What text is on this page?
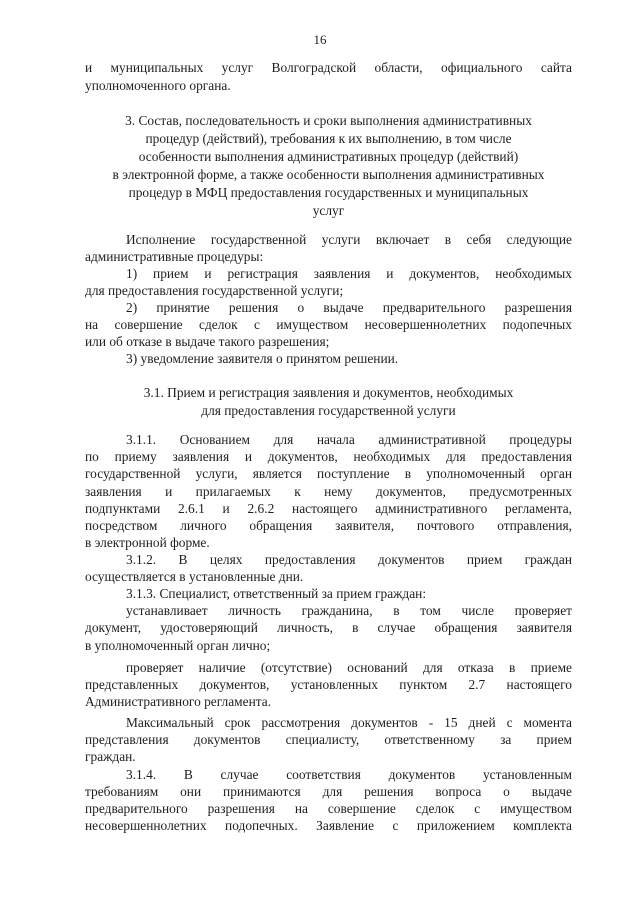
16
и муниципальных услуг Волгоградской области, официального сайта
уполномоченного органа.
3. Состав, последовательность и сроки выполнения административных
процедур (действий), требования к их выполнению, в том числе
особенности выполнения административных процедур (действий)
в электронной форме, а также особенности выполнения административных
процедур в МФЦ предоставления государственных и муниципальных
услуг
Исполнение государственной услуги включает в себя следующие
административные процедуры:
1) прием и регистрация заявления и документов, необходимых
для предоставления государственной услуги;
2) принятие решения о выдаче предварительного разрешения
на совершение сделок с имуществом несовершеннолетних подопечных
или об отказе в выдаче такого разрешения;
3) уведомление заявителя о принятом решении.
3.1. Прием и регистрация заявления и документов, необходимых
для предоставления государственной услуги
3.1.1. Основанием для начала административной процедуры
по приему заявления и документов, необходимых для предоставления
государственной услуги, является поступление в уполномоченный орган
заявления и прилагаемых к нему документов, предусмотренных
подпунктами 2.6.1 и 2.6.2 настоящего административного регламента,
посредством личного обращения заявителя, почтового отправления,
в электронной форме.
3.1.2. В целях предоставления документов прием граждан
осуществляется в установленные дни.
3.1.3. Специалист, ответственный за прием граждан:
устанавливает личность гражданина, в том числе проверяет
документ, удостоверяющий личность, в случае обращения заявителя
в уполномоченный орган лично;
проверяет наличие (отсутствие) оснований для отказа в приеме
представленных документов, установленных пунктом 2.7 настоящего
Административного регламента.
Максимальный срок рассмотрения документов - 15 дней с момента
представления документов специалисту, ответственному за прием
граждан.
3.1.4. В случае соответствия документов установленным
требованиям они принимаются для решения вопроса о выдаче
предварительного разрешения на совершение сделок с имуществом
несовершеннолетних подопечных. Заявление с приложением комплекта
